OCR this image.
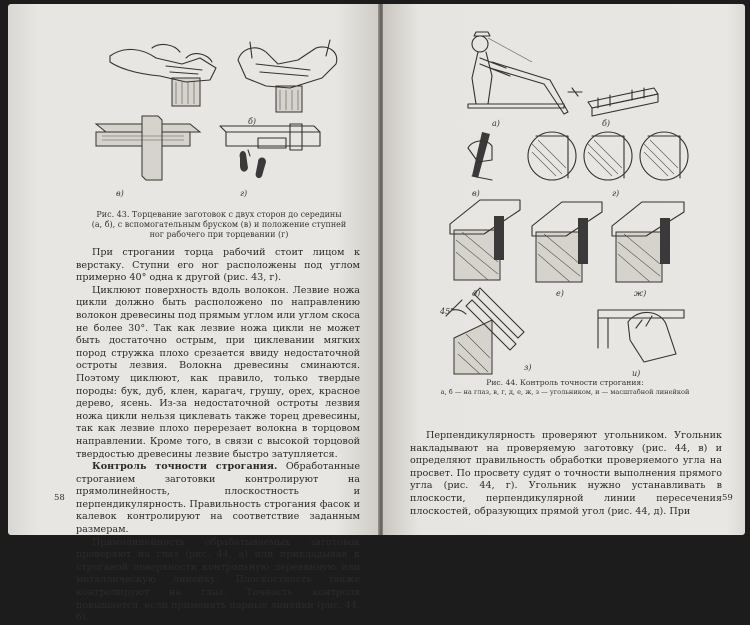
б)
в)	г)
Рис. 43. Торцевание заготовок с двух сторон до середины
(а, б), с вспомогательным бруском (в) и положение ступней ног рабочего при торцевании (г)

При строгании торца рабочий стоит лицом к верстаку. Ступни его ног расположены под углом примерно 40° одна к другой (рис. 43, г).

Циклюют поверхность вдоль волокон. Лезвие ножа цикли должно быть расположено по направлению волокон древесины под прямым углом или углом скоса не более 30°. Так как лезвие ножа цикли не может быть достаточно острым, при циклевании мягких пород стружка плохо срезается ввиду недостаточной остроты лезвия. Волокна древесины сминаются. Поэтому циклюют, как правило, только твердые породы: бук, дуб, клен, карагач, грушу, орех, красное дерево, ясень. Из-за недостаточной остроты лезвия ножа цикли нельзя циклевать также торец древесины, так как лезвие плохо перерезает волокна в торцовом направлении. Кроме того, в связи с высокой торцовой твердостью древесины лезвие быстро затупляется.

Контроль точности строгания. Обработанные строганием заготовки контролируют на прямолинейность, плоскостность и перпендикулярность. Правильность строгания фасок и калевок контролируют на соответствие заданным размерам.

Прямолинейность обрабатываемых заготовок проверяют на глаз (рис. 44, а) или прикладывая к строганой поверхности контрольную деревянную или металлическую линейку. Плоскостность также контролируют на глаз. Точность контроля повышается, если применять парные линейки (рис. 44, б).

58
а)	б)
в)	г)
д)	е)	ж)
45°
з)
и)
Рис. 44. Контроль точности строгания:
а, б — на глаз, в, г, д, е, ж, з — угольником, и — масштабной линейкой

Перпендикулярность проверяют угольником. Угольник накладывают на проверяемую заготовку (рис. 44, в) и определяют правильность обработки проверяемого угла на просвет. По просвету судят о точности выполнения прямого угла (рис. 44, г). Угольник нужно устанавливать в плоскости, перпендикулярной линии пересечения плоскостей, образующих прямой угол (рис. 44, д). При

59
